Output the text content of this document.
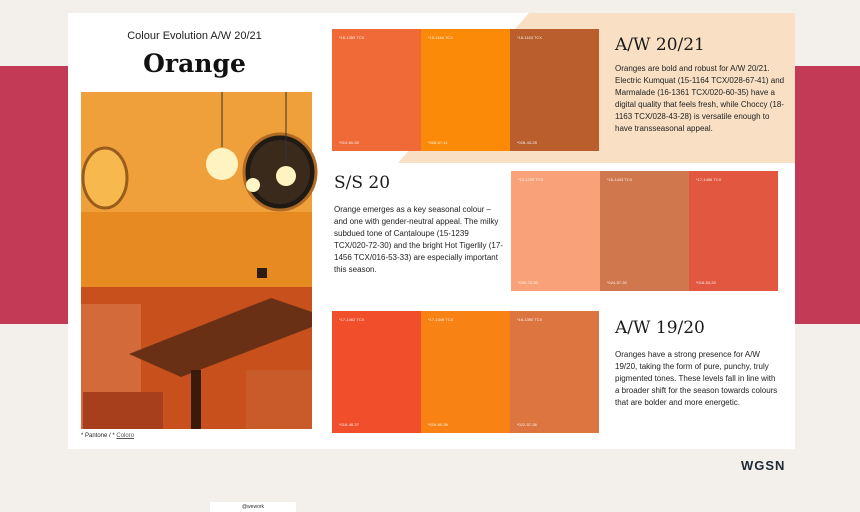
Colour Evolution A/W 20/21
Orange
@wework
* Pantone / * Coloro
*16-1359 TCX
*010-60-35
*15-1164 TCX
*028-67-41
*18-1163 TCX
*028-43-28
A/W 20/21
Oranges are bold and robust for A/W 20/21. Electric Kumquat (15-1164 TCX/028-67-41) and Marmalade (16-1361 TCX/020-60-35) have a digital quality that feels fresh, while Choccy (18-1163 TCX/028-43-28) is versatile enough to have transseasonal appeal.
S/S 20
Orange emerges as a key seasonal colour – and one with gender-neutral appeal. The milky subdued tone of Cantaloupe (15-1239 TCX/020-72-30) and the bright Hot Tigerlily (17-1456 TCX/016-53-33) are especially important this season.
*15-1239 TCX
*020-72-30
*16-1443 TCX
*024-57-30
*17-1456 TCX
*016-53-33
*17-1462 TCX
*016-48-37
*17-1349 TCX
*024-60-36
*16-1350 TCX
*022-57-36
A/W 19/20
Oranges have a strong presence for A/W 19/20, taking the form of pure, punchy, truly pigmented tones. These levels fall in line with a broader shift for the season towards colours that are bolder and more energetic.
WGSN
